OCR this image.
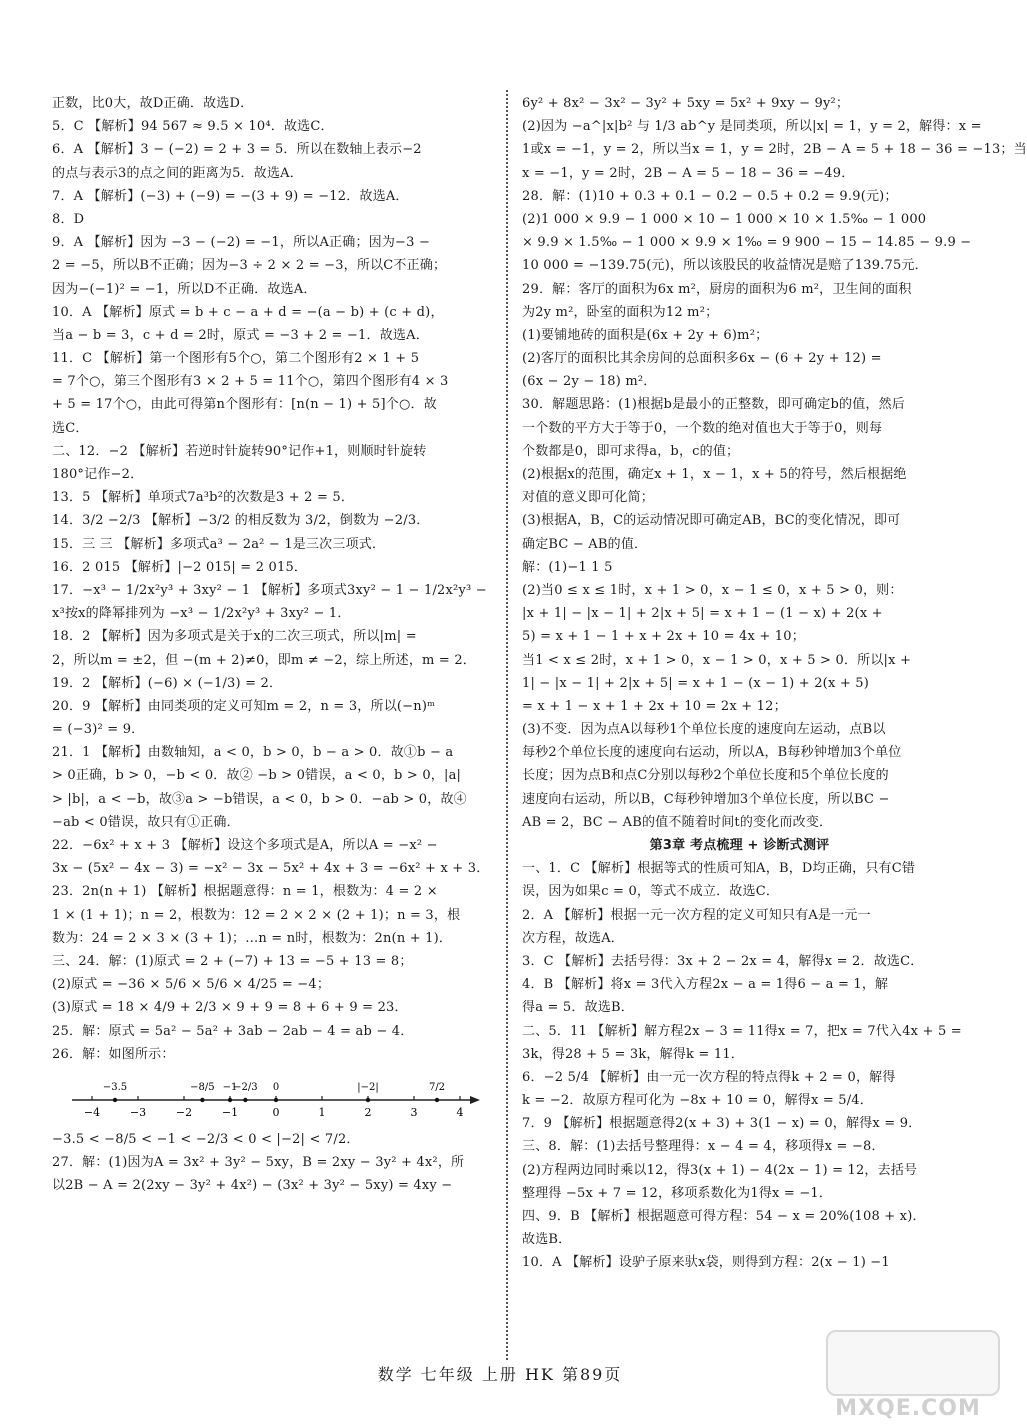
正数，比0大，故D正确．故选D．
5．C 【解析】94 567 ≈ 9.5 × 10⁴．故选C．
6．A 【解析】3 − (−2) = 2 + 3 = 5．所以在数轴上表示−2
的点与表示3的点之间的距离为5．故选A．
7．A 【解析】(−3) + (−9) = −(3 + 9) = −12．故选A．
8．D
9．A 【解析】因为 −3 − (−2) = −1，所以A正确；因为−3 −
2 = −5，所以B不正确；因为−3 ÷ 2 × 2 = −3，所以C不正确；
因为−(−1)² = −1，所以D不正确．故选A．
10．A 【解析】原式 = b + c − a + d = −(a − b) + (c + d)，
当a − b = 3，c + d = 2时，原式 = −3 + 2 = −1．故选A．
11．C 【解析】第一个图形有5个○，第二个图形有2 × 1 + 5
= 7个○，第三个图形有3 × 2 + 5 = 11个○，第四个图形有4 × 3
+ 5 = 17个○，由此可得第n个图形有：[n(n − 1) + 5]个○．故
选C．
二、12．−2 【解析】若逆时针旋转90°记作+1，则顺时针旋转
180°记作−2．
13．5 【解析】单项式7a³b²的次数是3 + 2 = 5．
14．3/2 −2/3 【解析】−3/2 的相反数为 3/2，倒数为 −2/3．
15．三 三 【解析】多项式a³ − 2a² − 1是三次三项式．
16．2 015 【解析】|−2 015| = 2 015．
17．−x³ − 1/2x²y³ + 3xy² − 1 【解析】多项式3xy² − 1 − 1/2x²y³ −
x³按x的降幂排列为 −x³ − 1/2x²y³ + 3xy² − 1．
18．2 【解析】因为多项式是关于x的二次三项式，所以|m| =
2，所以m = ±2，但 −(m + 2)≠0，即m ≠ −2，综上所述，m = 2．
19．2 【解析】(−6) × (−1/3) = 2．
20．9 【解析】由同类项的定义可知m = 2，n = 3，所以(−n)ᵐ
= (−3)² = 9．
21．1 【解析】由数轴知，a < 0，b > 0，b − a > 0．故①b − a
> 0正确，b > 0，−b < 0．故② −b > 0错误，a < 0，b > 0，|a|
> |b|，a < −b，故③a > −b错误，a < 0，b > 0．−ab > 0，故④
−ab < 0错误，故只有①正确．
22．−6x² + x + 3 【解析】设这个多项式是A，所以A = −x² −
3x − (5x² − 4x − 3) = −x² − 3x − 5x² + 4x + 3 = −6x² + x + 3．
23．2n(n + 1) 【解析】根据题意得：n = 1，根数为：4 = 2 ×
1 × (1 + 1)；n = 2，根数为：12 = 2 × 2 × (2 + 1)；n = 3，根
数为：24 = 2 × 3 × (3 + 1)；…n = n时，根数为：2n(n + 1)．
三、24．解：(1)原式 = 2 + (−7) + 13 = −5 + 13 = 8；
(2)原式 = −36 × 5/6 × 5/6 × 4/25 = −4；
(3)原式 = 18 × 4/9 + 2/3 × 9 + 9 = 8 + 6 + 9 = 23．
25．解：原式 = 5a² − 5a² + 3ab − 2ab − 4 = ab − 4．
26．解：如图所示：
−4	−3	−2	−1	0	1	2	3	4
−3.5	−8/5 −1
−2/3 0	|−2|	7/2
−3.5 < −8/5 < −1 < −2/3 < 0 < |−2| < 7/2．
27．解：(1)因为A = 3x² + 3y² − 5xy，B = 2xy − 3y² + 4x²，所
以2B − A = 2(2xy − 3y² + 4x²) − (3x² + 3y² − 5xy) = 4xy −
6y² + 8x² − 3x² − 3y² + 5xy = 5x² + 9xy − 9y²；
(2)因为 −a^|x|b² 与 1/3 ab^y 是同类项，所以|x| = 1，y = 2，解得：x =
1或x = −1，y = 2，所以当x = 1，y = 2时，2B − A = 5 + 18 − 36 = −13；当
x = −1，y = 2时，2B − A = 5 − 18 − 36 = −49．
28．解：(1)10 + 0.3 + 0.1 − 0.2 − 0.5 + 0.2 = 9.9(元)；
(2)1 000 × 9.9 − 1 000 × 10 − 1 000 × 10 × 1.5‰ − 1 000
× 9.9 × 1.5‰ − 1 000 × 9.9 × 1‰ = 9 900 − 15 − 14.85 − 9.9 −
10 000 = −139.75(元)，所以该股民的收益情况是赔了139.75元．
29．解：客厅的面积为6x m²，厨房的面积为6 m²，卫生间的面积
为2y m²，卧室的面积为12 m²；
(1)要铺地砖的面积是(6x + 2y + 6)m²；
(2)客厅的面积比其余房间的总面积多6x − (6 + 2y + 12) =
(6x − 2y − 18) m²．
30．解题思路：(1)根据b是最小的正整数，即可确定b的值，然后
一个数的平方大于等于0，一个数的绝对值也大于等于0，则每
个数都是0，即可求得a，b，c的值；
(2)根据x的范围，确定x + 1，x − 1，x + 5的符号，然后根据绝
对值的意义即可化简；
(3)根据A，B，C的运动情况即可确定AB，BC的变化情况，即可
确定BC − AB的值．
解：(1)−1 1 5
(2)当0 ≤ x ≤ 1时，x + 1 > 0，x − 1 ≤ 0，x + 5 > 0，则：
|x + 1| − |x − 1| + 2|x + 5| = x + 1 − (1 − x) + 2(x +
5) = x + 1 − 1 + x + 2x + 10 = 4x + 10；
当1 < x ≤ 2时，x + 1 > 0，x − 1 > 0，x + 5 > 0．所以|x +
1| − |x − 1| + 2|x + 5| = x + 1 − (x − 1) + 2(x + 5)
= x + 1 − x + 1 + 2x + 10 = 2x + 12；
(3)不变．因为点A以每秒1个单位长度的速度向左运动，点B以
每秒2个单位长度的速度向右运动，所以A，B每秒钟增加3个单位
长度；因为点B和点C分别以每秒2个单位长度和5个单位长度的
速度向右运动，所以B，C每秒钟增加3个单位长度，所以BC −
AB = 2，BC − AB的值不随着时间t的变化而改变．
第3章 考点梳理 + 诊断式测评
一、1．C 【解析】根据等式的性质可知A，B，D均正确，只有C错
误，因为如果c = 0，等式不成立．故选C．
2．A 【解析】根据一元一次方程的定义可知只有A是一元一
次方程，故选A．
3．C 【解析】去括号得：3x + 2 − 2x = 4，解得x = 2．故选C．
4．B 【解析】将x = 3代入方程2x − a = 1得6 − a = 1，解
得a = 5．故选B．
二、5．11 【解析】解方程2x − 3 = 11得x = 7，把x = 7代入4x + 5 =
3k，得28 + 5 = 3k，解得k = 11．
6．−2 5/4 【解析】由一元一次方程的特点得k + 2 = 0，解得
k = −2．故原方程可化为 −8x + 10 = 0，解得x = 5/4．
7．9 【解析】根据题意得2(x + 3) + 3(1 − x) = 0，解得x = 9．
三、8．解：(1)去括号整理得：x − 4 = 4，移项得x = −8．
(2)方程两边同时乘以12，得3(x + 1) − 4(2x − 1) = 12，去括号
整理得 −5x + 7 = 12，移项系数化为1得x = −1．
四、9．B 【解析】根据题意可得方程：54 − x = 20%(108 + x)．
故选B．
10．A 【解析】设驴子原来驮x袋，则得到方程：2(x − 1) −1
数学 七年级 上册 HK 第89页
MXQE.COM
